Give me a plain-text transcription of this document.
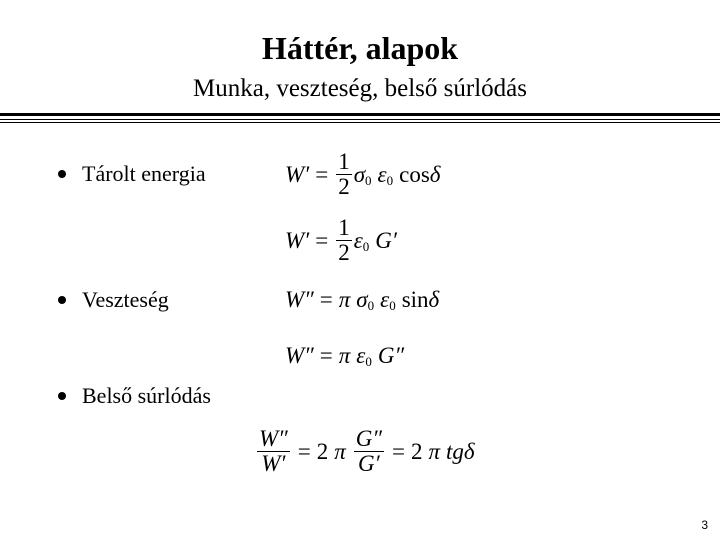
Háttér, alapok
Munka, veszteség, belső súrlódás
Tárolt energia
Veszteség
Belső súrlódás
$W' = \frac{1}{2} \sigma_0$ $\varepsilon_0$ cos δ
$W' = \frac{1}{2} \varepsilon_0$ G′
W″ = π $\sigma_0$ $\varepsilon_0$ sin δ
W″ = π $\varepsilon_0$ G″
$\frac{W''}{W'} = 2$ π $\frac{G''}{G'} = 2$ π tg δ
3
